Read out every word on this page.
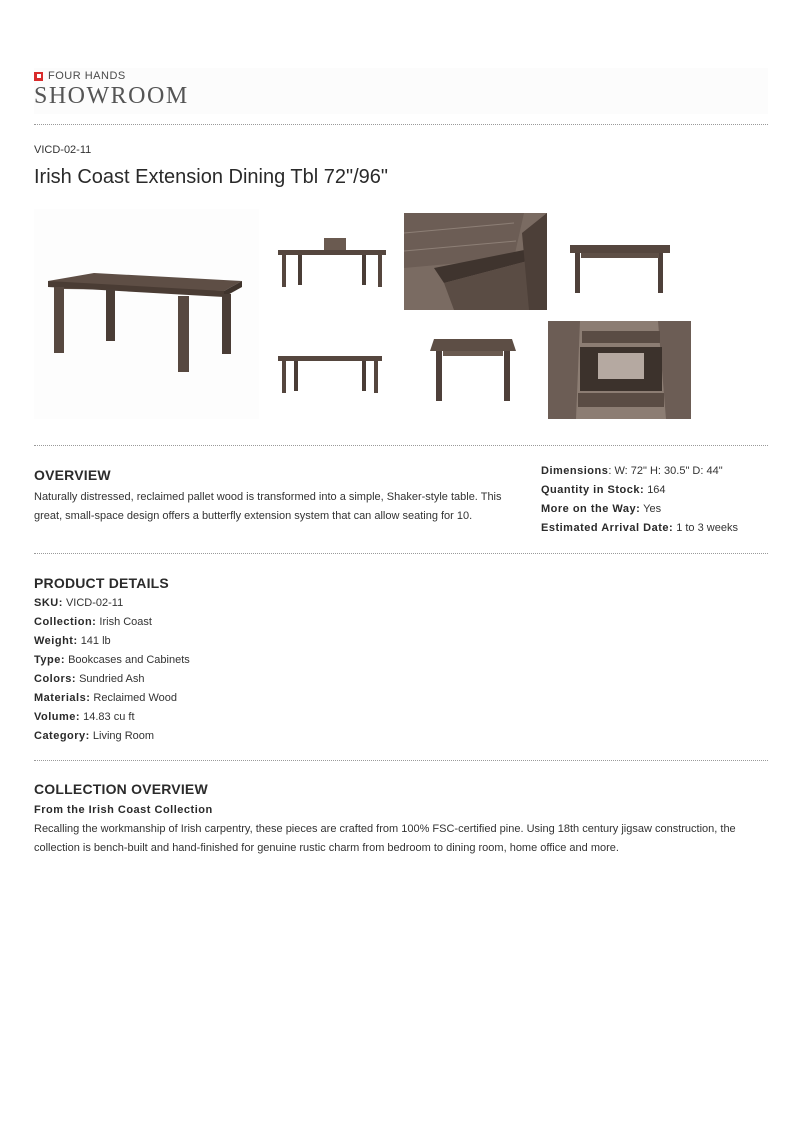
FOUR HANDS
SHOWROOM
VICD-02-11
Irish Coast Extension Dining Tbl 72"/96"
OVERVIEW

Naturally distressed, reclaimed pallet wood is transformed into a simple, Shaker-style table. This great, small-space design offers a butterfly extension system that can allow seating for 10.

Dimensions: W: 72" H: 30.5" D: 44"
Quantity in Stock: 164
More on the Way: Yes
Estimated Arrival Date: 1 to 3 weeks
PRODUCT DETAILS
SKU: VICD-02-11
Collection: Irish Coast
Weight: 141 lb
Type: Bookcases and Cabinets
Colors: Sundried Ash
Materials: Reclaimed Wood
Volume: 14.83 cu ft
Category: Living Room
COLLECTION OVERVIEW
From the Irish Coast Collection

Recalling the workmanship of Irish carpentry, these pieces are crafted from 100% FSC-certified pine. Using 18th century jigsaw construction, the collection is bench-built and hand-finished for genuine rustic charm from bedroom to dining room, home office and more.
